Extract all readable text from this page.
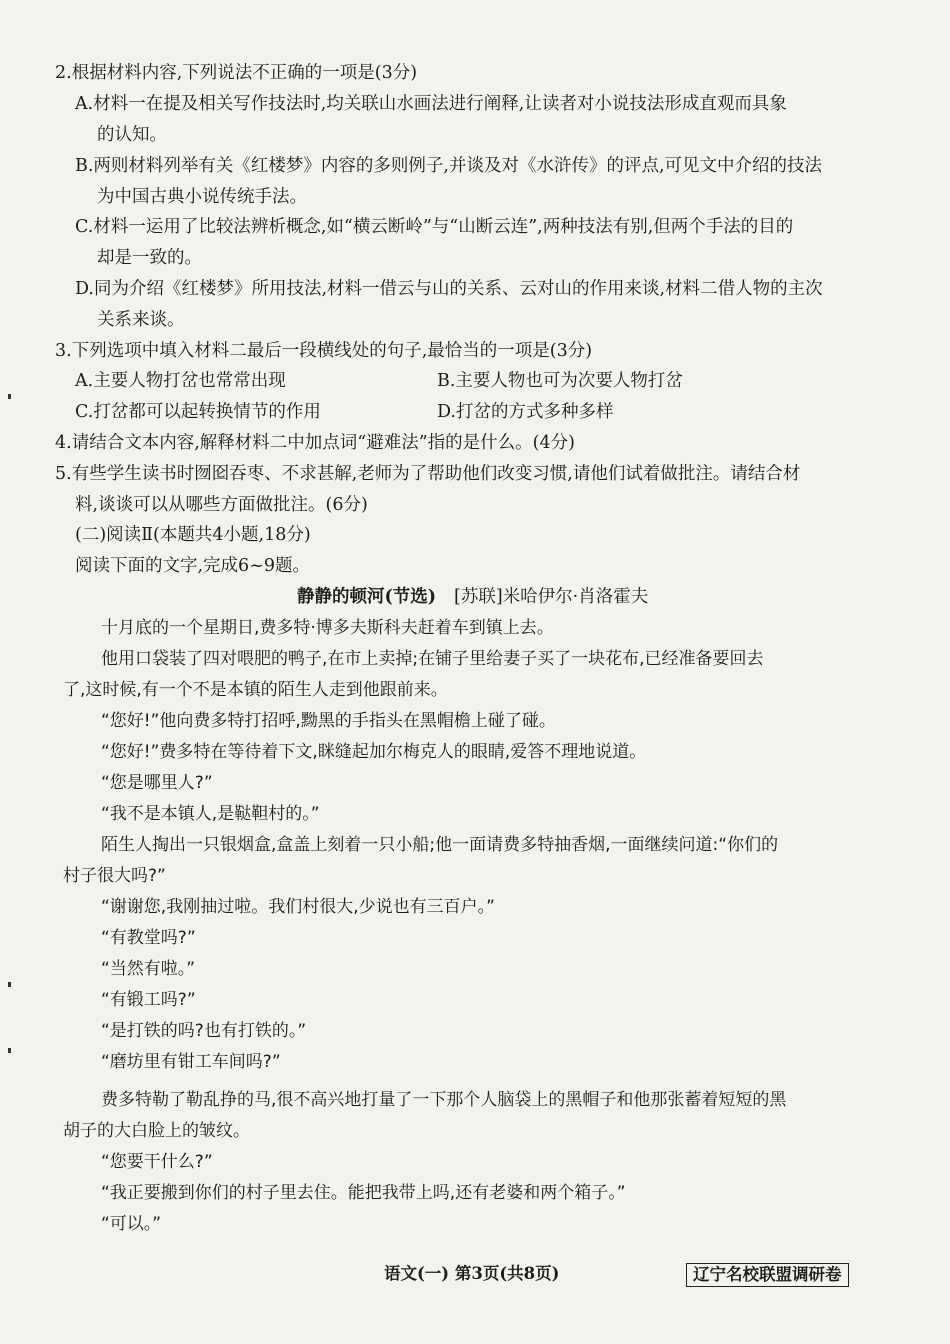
2.根据材料内容,下列说法不正确的一项是(3分)
A.材料一在提及相关写作技法时,均关联山水画法进行阐释,让读者对小说技法形成直观而具象
的认知。
B.两则材料列举有关《红楼梦》内容的多则例子,并谈及对《水浒传》的评点,可见文中介绍的技法
为中国古典小说传统手法。
C.材料一运用了比较法辨析概念,如“横云断岭”与“山断云连”,两种技法有别,但两个手法的目的
却是一致的。
D.同为介绍《红楼梦》所用技法,材料一借云与山的关系、云对山的作用来谈,材料二借人物的主次
关系来谈。
3.下列选项中填入材料二最后一段横线处的句子,最恰当的一项是(3分)
A.主要人物打岔也常常出现	B.主要人物也可为次要人物打岔
C.打岔都可以起转换情节的作用	D.打岔的方式多种多样
4.请结合文本内容,解释材料二中加点词“避难法”指的是什么。(4分)
5.有些学生读书时囫囵吞枣、不求甚解,老师为了帮助他们改变习惯,请他们试着做批注。请结合材
料,谈谈可以从哪些方面做批注。(6分)
(二)阅读Ⅱ(本题共4小题,18分)
阅读下面的文字,完成6~9题。
静静的顿河(节选) [苏联]米哈伊尔·肖洛霍夫
十月底的一个星期日,费多特·博多夫斯科夫赶着车到镇上去。
他用口袋装了四对喂肥的鸭子,在市上卖掉;在铺子里给妻子买了一块花布,已经准备要回去
了,这时候,有一个不是本镇的陌生人走到他跟前来。
“您好!”他向费多特打招呼,黝黑的手指头在黑帽檐上碰了碰。
“您好!”费多特在等待着下文,眯缝起加尔梅克人的眼睛,爱答不理地说道。
“您是哪里人?”
“我不是本镇人,是鞑靼村的。”
陌生人掏出一只银烟盒,盒盖上刻着一只小船;他一面请费多特抽香烟,一面继续问道:“你们的
村子很大吗?”
“谢谢您,我刚抽过啦。我们村很大,少说也有三百户。”
“有教堂吗?”
“当然有啦。”
“有锻工吗?”
“是打铁的吗?也有打铁的。”
“磨坊里有钳工车间吗?”
费多特勒了勒乱挣的马,很不高兴地打量了一下那个人脑袋上的黑帽子和他那张蓄着短短的黑
胡子的大白脸上的皱纹。
“您要干什么?”
“我正要搬到你们的村子里去住。能把我带上吗,还有老婆和两个箱子。”
“可以。”
语文(一) 第3页(共8页)	辽宁名校联盟调研卷
